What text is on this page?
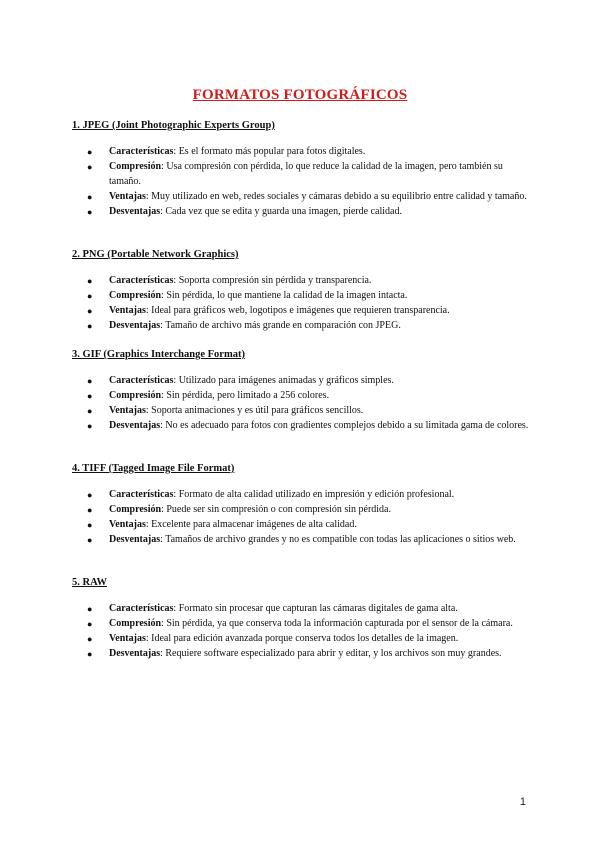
FORMATOS FOTOGRÁFICOS
1. JPEG (Joint Photographic Experts Group)
● Características: Es el formato más popular para fotos digitales.
● Compresión: Usa compresión con pérdida, lo que reduce la calidad de la imagen, pero también su tamaño.
● Ventajas: Muy utilizado en web, redes sociales y cámaras debido a su equilibrio entre calidad y tamaño.
● Desventajas: Cada vez que se edita y guarda una imagen, pierde calidad.
2. PNG (Portable Network Graphics)
● Características: Soporta compresión sin pérdida y transparencia.
● Compresión: Sin pérdida, lo que mantiene la calidad de la imagen intacta.
● Ventajas: Ideal para gráficos web, logotipos e imágenes que requieren transparencia.
● Desventajas: Tamaño de archivo más grande en comparación con JPEG.
3. GIF (Graphics Interchange Format)
● Características: Utilizado para imágenes animadas y gráficos simples.
● Compresión: Sin pérdida, pero limitado a 256 colores.
● Ventajas: Soporta animaciones y es útil para gráficos sencillos.
● Desventajas: No es adecuado para fotos con gradientes complejos debido a su limitada gama de colores.
4. TIFF (Tagged Image File Format)
● Características: Formato de alta calidad utilizado en impresión y edición profesional.
● Compresión: Puede ser sin compresión o con compresión sin pérdida.
● Ventajas: Excelente para almacenar imágenes de alta calidad.
● Desventajas: Tamaños de archivo grandes y no es compatible con todas las aplicaciones o sitios web.
5. RAW
● Características: Formato sin procesar que capturan las cámaras digitales de gama alta.
● Compresión: Sin pérdida, ya que conserva toda la información capturada por el sensor de la cámara.
● Ventajas: Ideal para edición avanzada porque conserva todos los detalles de la imagen.
● Desventajas: Requiere software especializado para abrir y editar, y los archivos son muy grandes.
1
